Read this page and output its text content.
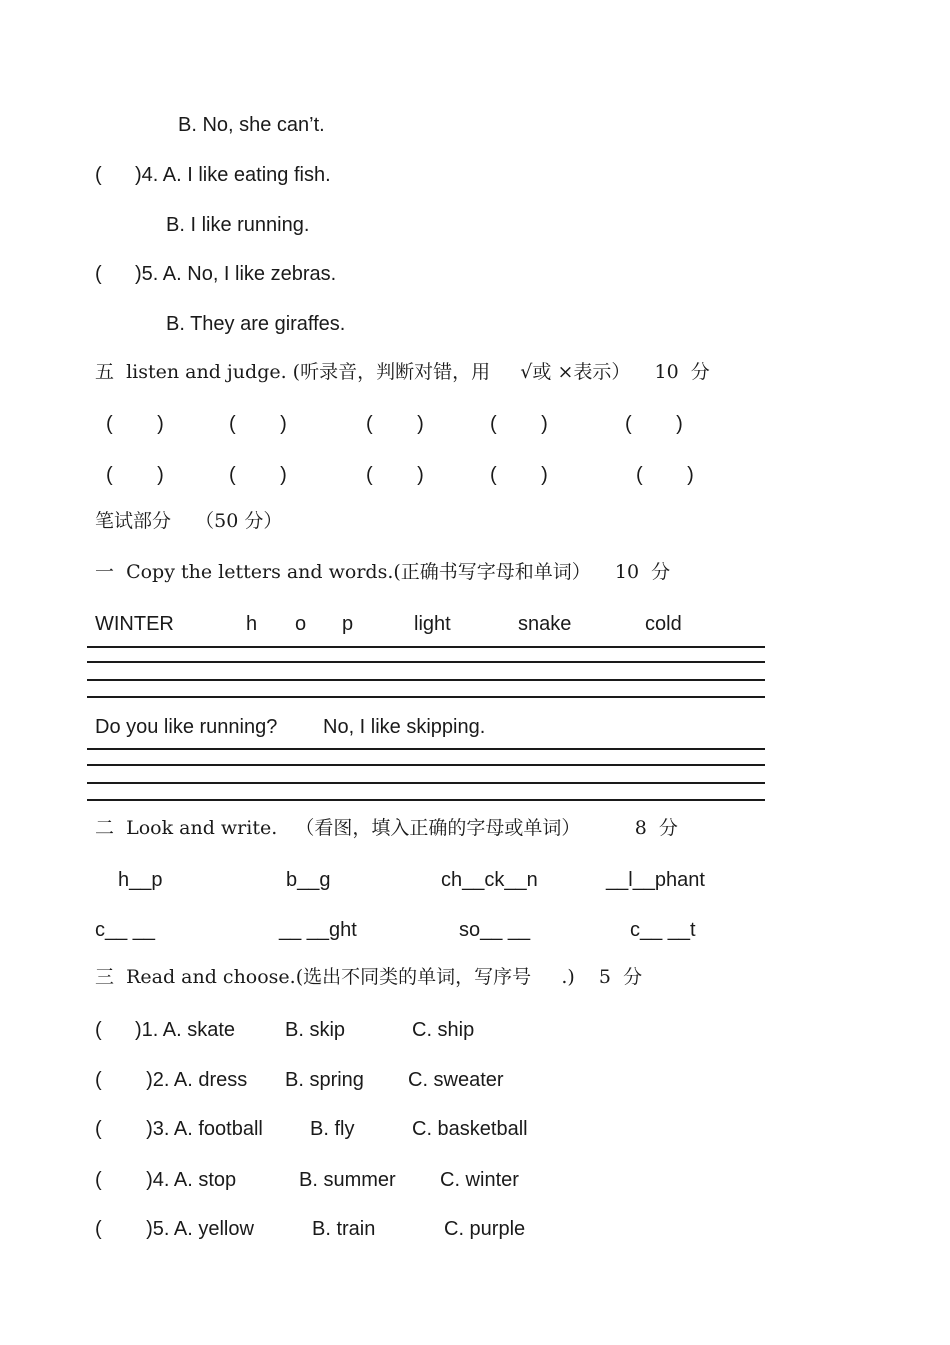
B. No, she can’t.
(      )4. A. I like eating fish.
B. I like running.
(      )5. A. No, I like zebras.
B. They are giraffes.
五  listen and judge. (听录音，判断对错，用     √或 ×表示）    10  分
(        )	(        )	(        )	(        )	(        )
(        )	(        )	(        )	(        )	(        )
笔试部分    （50 分）
一  Copy the letters and words.(正确书写字母和单词）    10  分
WINTER	h o p	light	snake	cold
Do you like running? No, I like skipping.
二  Look and write.   （看图，填入正确的字母或单词）         8  分
h__p	b__g	ch__ck__n	__l__phant
c__ __	__ __ght	so__ __	c__ __t
三  Read and choose.(选出不同类的单词，写序号     .)    5  分
(      )1. A. skate B. skip	C. ship
(        )2. A. dress B. spring C. sweater
(        )3. A. football B. fly	C. basketball
(        )4. A. stop	B. summer C. winter
(        )5. A. yellow	B. train	C. purple
